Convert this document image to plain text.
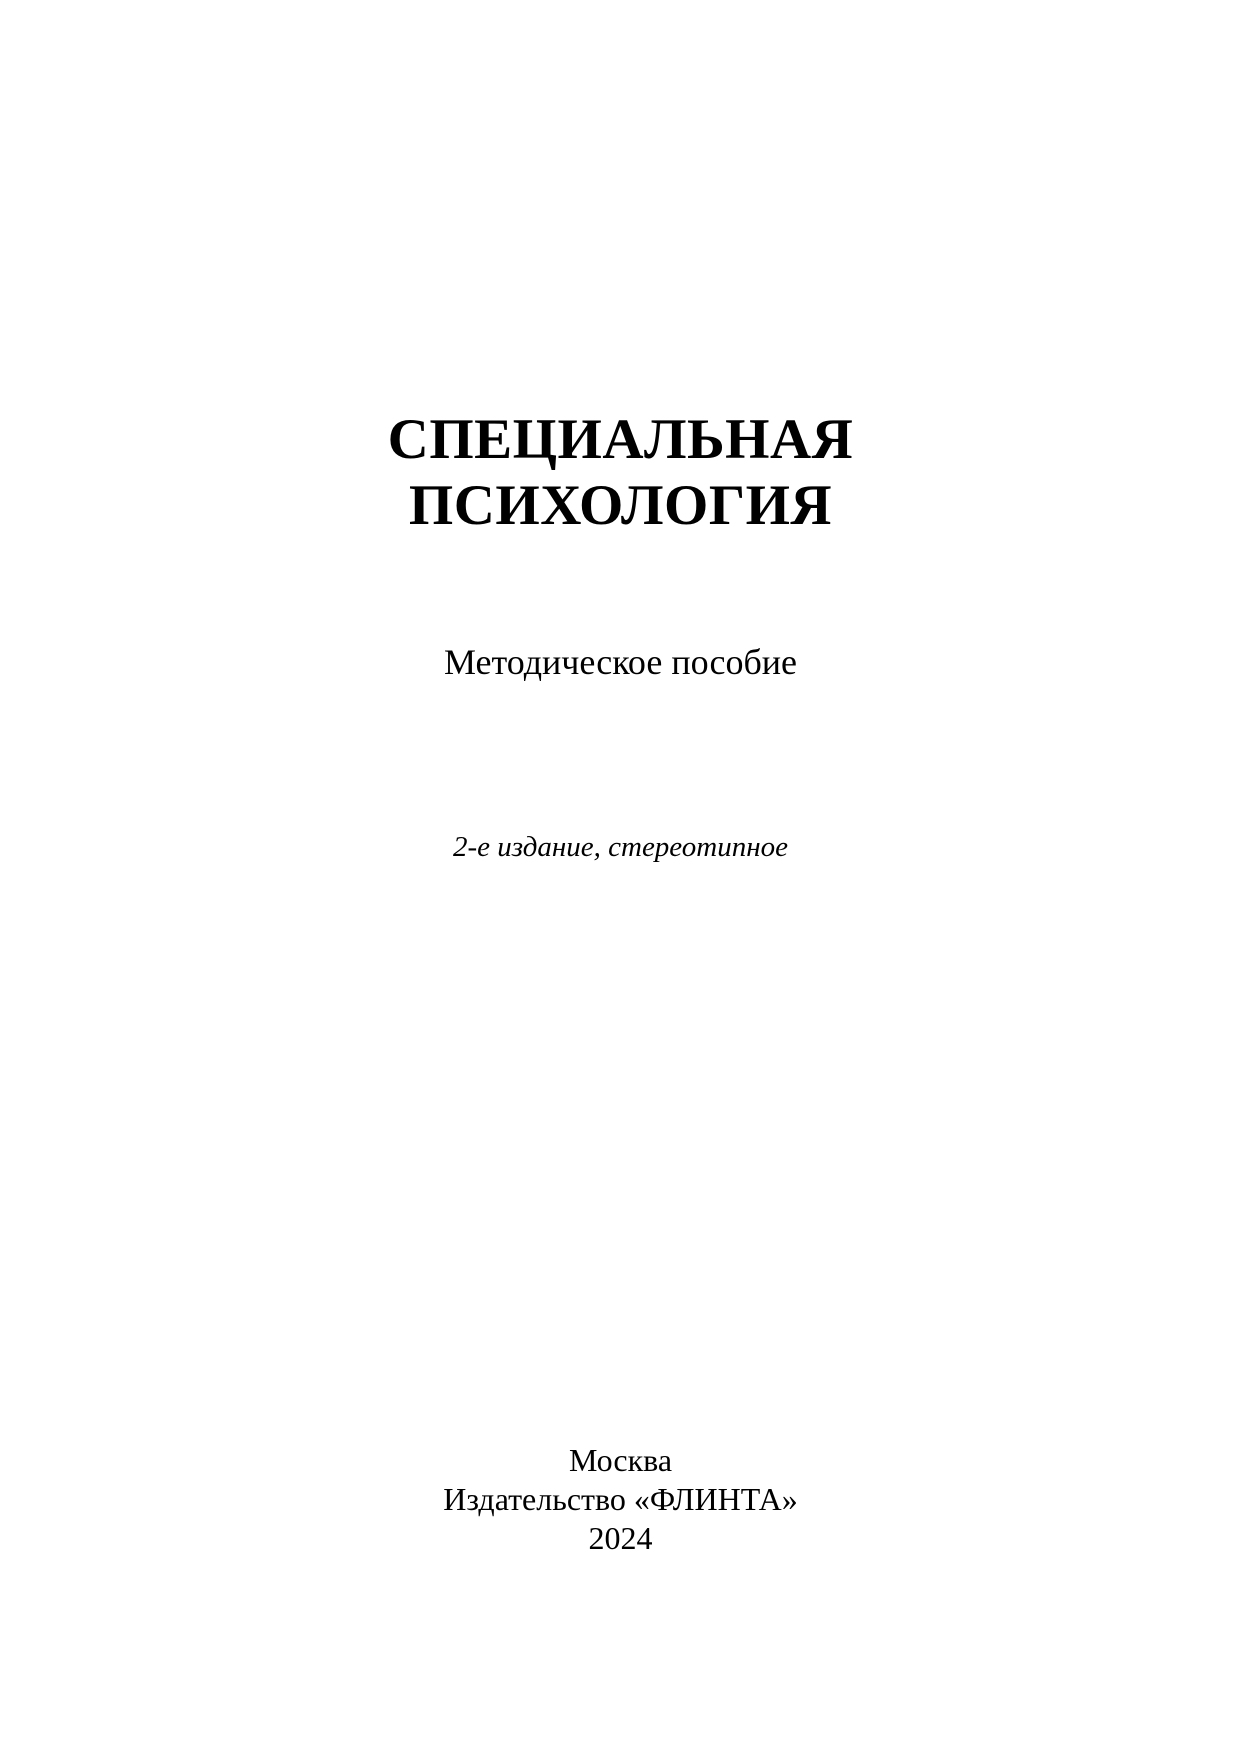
СПЕЦИАЛЬНАЯ
ПСИХОЛОГИЯ
Методическое пособие
2-е издание, стереотипное
Москва
Издательство «ФЛИНТА»
2024
